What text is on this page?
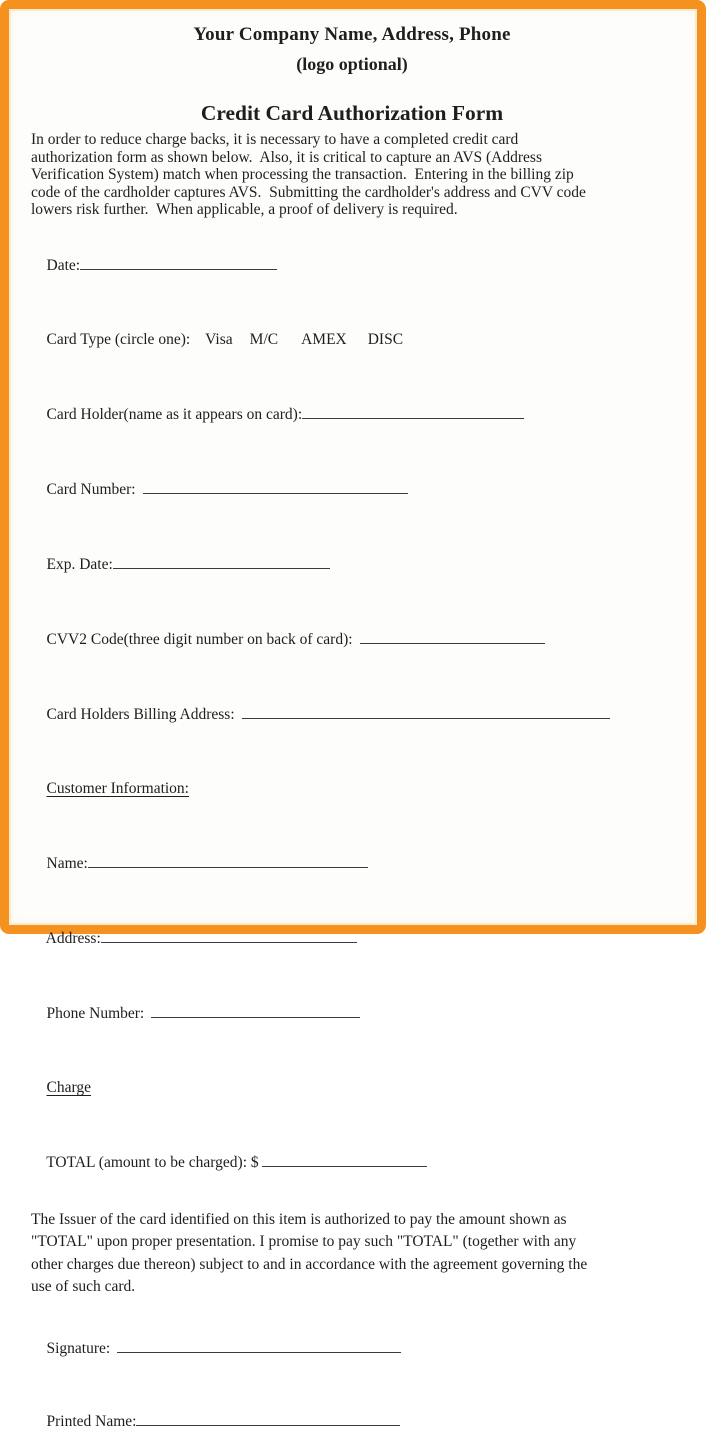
Your Company Name, Address, Phone
(logo optional)
Credit Card Authorization Form
In order to reduce charge backs, it is necessary to have a completed credit card
authorization form as shown below.  Also, it is critical to capture an AVS (Address
Verification System) match when processing the transaction.  Entering in the billing zip
code of the cardholder captures AVS.  Submitting the cardholder's address and CVV code
lowers risk further.  When applicable, a proof of delivery is required.

Date:

Card Type (circle one): Visa M/C AMEX DISC

Card Holder(name as it appears on card):

Card Number:

Exp. Date:

CVV2 Code(three digit number on back of card):

Card Holders Billing Address:

Customer Information:

Name:

Address:

Phone Number:

Charge

TOTAL (amount to be charged): $

The Issuer of the card identified on this item is authorized to pay the amount shown as
"TOTAL" upon proper presentation. I promise to pay such "TOTAL" (together with any
other charges due thereon) subject to and in accordance with the agreement governing the
use of such card.

Signature:

Printed Name:
